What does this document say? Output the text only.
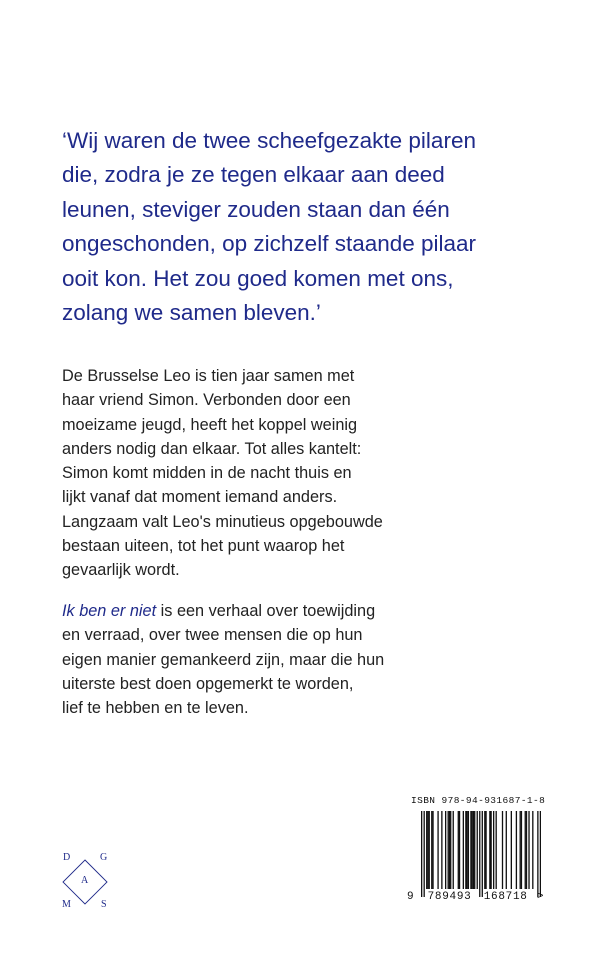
‘Wij waren de twee scheefgezakte pilaren
die, zodra je ze tegen elkaar aan deed
leunen, steviger zouden staan dan één
ongeschonden, op zichzelf staande pilaar
ooit kon. Het zou goed komen met ons,
zolang we samen bleven.’
De Brusselse Leo is tien jaar samen met
haar vriend Simon. Verbonden door een
moeizame jeugd, heeft het koppel weinig
anders nodig dan elkaar. Tot alles kantelt:
Simon komt midden in de nacht thuis en
lijkt vanaf dat moment iemand anders.
Langzaam valt Leo's minutieus opgebouwde
bestaan uiteen, tot het punt waarop het
gevaarlijk wordt.
Ik ben er niet is een verhaal over toewijding
en verraad, over twee mensen die op hun
eigen manier gemankeerd zijn, maar die hun
uiterste best doen opgemerkt te worden,
lief te hebben en te leven.
D	G
A
M	S
ISBN 978-94-931687-1-8
9 789493 168718 >
